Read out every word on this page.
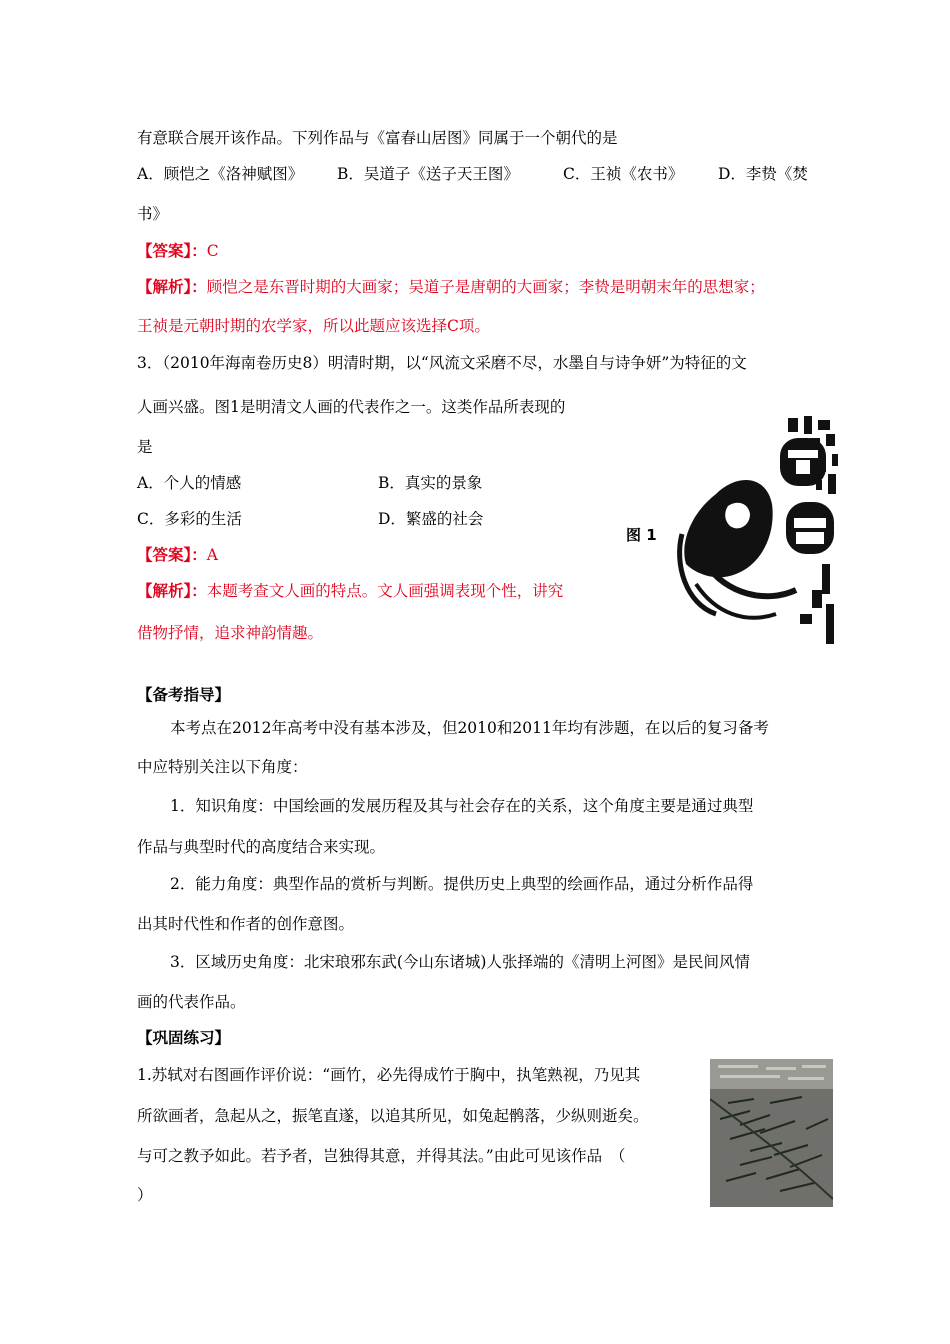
有意联合展开该作品。下列作品与《富春山居图》同属于一个朝代的是
A．顾恺之《洛神赋图》 B．吴道子《送子天王图》	C．王祯《农书》 D．李贽《焚
书》
【答案】：C
【解析】：顾恺之是东晋时期的大画家；吴道子是唐朝的大画家；李贽是明朝末年的思想家；
王祯是元朝时期的农学家，所以此题应该选择C项。
3．（2010年海南卷历史8）明清时期，以“风流文采磨不尽，水墨自与诗争妍”为特征的文
人画兴盛。图1是明清文人画的代表作之一。这类作品所表现的
是
A．个人的情感	B．真实的景象
C．多彩的生活	D．繁盛的社会
【答案】：A
【解析】：本题考查文人画的特点。文人画强调表现个性，讲究
借物抒情，追求神韵情趣。
图 1
【备考指导】
本考点在2012年高考中没有基本涉及，但2010和2011年均有涉题，在以后的复习备考
中应特别关注以下角度：
1．知识角度：中国绘画的发展历程及其与社会存在的关系，这个角度主要是通过典型
作品与典型时代的高度结合来实现。
2．能力角度：典型作品的赏析与判断。提供历史上典型的绘画作品，通过分析作品得
出其时代性和作者的创作意图。
3．区域历史角度：北宋琅邪东武(今山东诸城)人张择端的《清明上河图》是民间风情
画的代表作品。
【巩固练习】
1.苏轼对右图画作评价说：“画竹，必先得成竹于胸中，执笔熟视，乃见其
所欲画者，急起从之，振笔直遂，以追其所见，如兔起鹘落，少纵则逝矣。
与可之教予如此。若予者，岂独得其意，并得其法。”由此可见该作品　（
）
